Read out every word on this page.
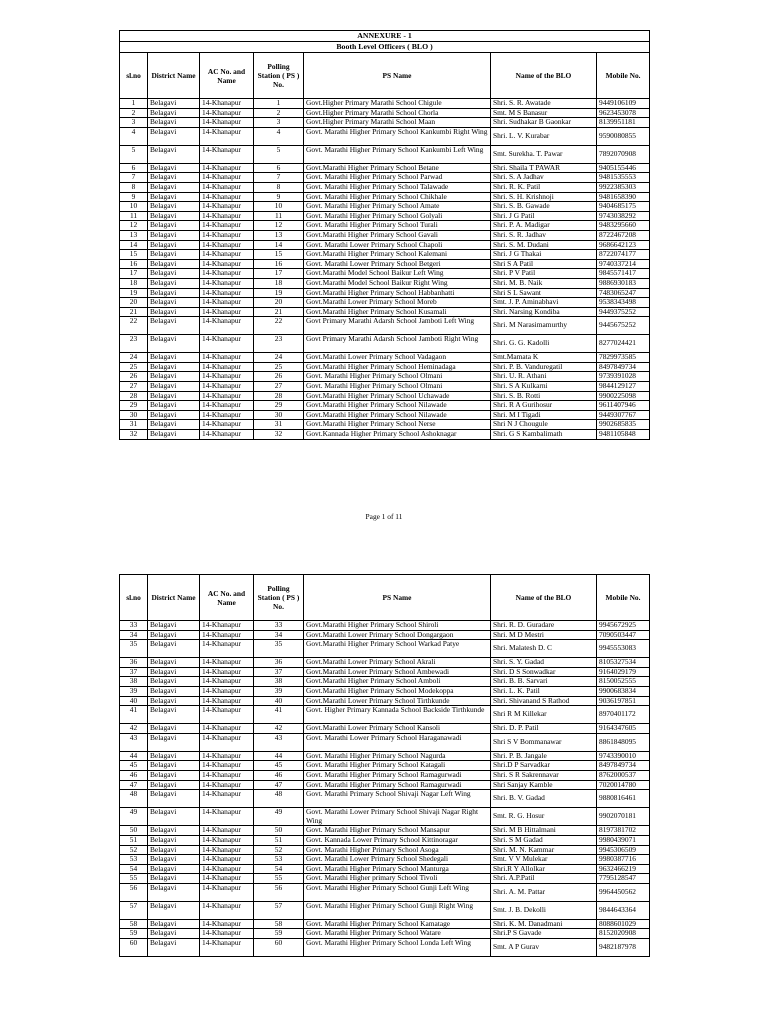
ANNEXURE - 1						
Booth Level Officers ( BLO )						
sl.no	District Name	AC No. and Name	Polling Station ( PS ) No.	PS Name	Name of the BLO	Mobile No.
1	Belagavi	14-Khanapur	1	Govt.Higher Primary Marathi School Chigule	Shri. S. R. Awatade	9449106109
2	Belagavi	14-Khanapur	2	Govt.Higher Primary Marathi School Chorla	Smt. M S Banasur	9623453078
3	Belagavi	14-Khanapur	3	Govt.Higher Primary Marathi School Maan	Shri. Sudhakar B Gaonkar	8139951181
4	Belagavi	14-Khanapur	4	Govt. Marathi Higher Primary School Kankumbi Right Wing	Shri. L. V. Kurabar	9590080855
5	Belagavi	14-Khanapur	5	Govt. Marathi Higher Primary School Kankumbi Left Wing	Smt. Surekha. T. Pawar	7892070908
6	Belagavi	14-Khanapur	6	Govt.Marathi Higher Primary School Betane	Shri. Shaila T PAWAR	9405155446
7	Belagavi	14-Khanapur	7	Govt. Marathi Higher Primary School Parwad	Shri. S. A Jadhav	9481535553
8	Belagavi	14-Khanapur	8	Govt. Marathi Higher Primary School Talawade	Shri. R. K. Patil	9922385303
9	Belagavi	14-Khanapur	9	Govt. Marathi Higher Primary School Chikhale	Shri. S. H. Krishnoji	9481658390
10	Belagavi	14-Khanapur	10	Govt. Marathi Higher Primary School Amate	Shri. S. B. Gawade	9404685175
11	Belagavi	14-Khanapur	11	Govt. Marathi Higher Primary School Golyali	Shri. J G Patil	9743038292
12	Belagavi	14-Khanapur	12	Govt. Marathi Higher Primary School Turali	Shri. P. A. Madigar	9483295660
13	Belagavi	14-Khanapur	13	Govt.Marathi Higher Primary School Gavali	Shri. S. R. Jadhav	8722467208
14	Belagavi	14-Khanapur	14	Govt. Marathi Lower Primary School Chapoli	Shri. S. M. Dudani	9686642123
15	Belagavi	14-Khanapur	15	Govt.Marathi Higher Primary School Kalemani	Shri. J G Thakai	8722074177
16	Belagavi	14-Khanapur	16	Govt. Marathi Lower Primary School Betgeri	Shri S A Patil	9740337214
17	Belagavi	14-Khanapur	17	Govt.Marathi Model School Baikur Left Wing	Shri. P V Patil	9845571417
18	Belagavi	14-Khanapur	18	Govt.Marathi Model School Baikur Right Wing	Shri. M. B. Naik	9886930183
19	Belagavi	14-Khanapur	19	Govt.Marathi Higher Primary School Habbanhatti	Shri S L Sawant	7483065247
20	Belagavi	14-Khanapur	20	Govt.Marathi Lower Primary School Moreb	Smt. J. P. Aminabhavi	9538343498
21	Belagavi	14-Khanapur	21	Govt.Marathi Higher Primary School Kusamali	Shri. Narsing Kondiba	9449375252
22	Belagavi	14-Khanapur	22	Govt Primary Marathi Adarsh School Jamboti Left Wing	Shri. M Narasimamurthy	9445675252
23	Belagavi	14-Khanapur	23	Govt Primary Marathi Adarsh School Jamboti Right Wing	Shri. G. G. Kadolli	8277024421
24	Belagavi	14-Khanapur	24	Govt.Marathi Lower Primary School Vadagaon	Smt.Mamata K	7829973585
25	Belagavi	14-Khanapur	25	Govt.Marathi Higher Primary School Heminadaga	Shri. P. B. Vanduregatil	8497849734
26	Belagavi	14-Khanapur	26	Govt. Marathi Higher Primary School Olmani	Shri. U. R. Athani	9739391028
27	Belagavi	14-Khanapur	27	Govt. Marathi Higher Primary School Olmani	Shri. S A Kulkarni	9844129127
28	Belagavi	14-Khanapur	28	Govt.Marathi Higher Primary School Uchawade	Shri. S. B. Rotti	9900225098
29	Belagavi	14-Khanapur	29	Govt.Marathi Higher Primary School Nilawade	Shri. R A Gurihosur	9611407946
30	Belagavi	14-Khanapur	30	Govt.Marathi Higher Primary School Nilawade	Shri. M I Tigadi	9449307767
31	Belagavi	14-Khanapur	31	Govt.Marathi Higher Primary School Nerse	Shri N J Chougule	9902685835
32	Belagavi	14-Khanapur	32	Govt.Kannada Higher Primary School Ashoknagar	Shri. G S Kambalimath	9481105848
Page 1 of 11
sl.no	District Name	AC No. and Name	Polling Station ( PS ) No.	PS Name	Name of the BLO	Mobile No.
33	Belagavi	14-Khanapur	33	Govt.Marathi Higher Primary School Shiroli	Shri. R. D. Guradare	9945672925
34	Belagavi	14-Khanapur	34	Govt.Marathi Lower Primary School Dongargaon	Shri. M D Mestri	7090503447
35	Belagavi	14-Khanapur	35	Govt.Marathi Higher Primary School Warkad Patye	Shri. Malatesh D. C	9945553083
36	Belagavi	14-Khanapur	36	Govt.Marathi Lower Primary School Akrali	Shri. S. Y. Gadad	8105327534
37	Belagavi	14-Khanapur	37	Govt.Marathi Lower Primary School Ambewadi	Shri. D S Sonwadkar	9164029179
38	Belagavi	14-Khanapur	38	Govt.Marathi Higher Primary School Amboli	Shri. B. B. Sarvari	8150052555
39	Belagavi	14-Khanapur	39	Govt.Marathi Higher Primary School Modekoppa	Shri. L. K. Patil	9900683834
40	Belagavi	14-Khanapur	40	Govt.Marathi Lower Primary School Tirthkunde	Shri. Shivanand S Rathod	9036197851
41	Belagavi	14-Khanapur	41	Govt. Higher Primary Kannada School Backside Tirthkunde	Shri R M Killekar	8970401172
42	Belagavi	14-Khanapur	42	Govt.Marathi Lower Primary School Kansoli	Shri. D. P. Patil	9164347605
43	Belagavi	14-Khanapur	43	Govt. Marathi Lower Primary School Haraganawadi	Shri S V Bommanawar	8861848095
44	Belagavi	14-Khanapur	44	Govt. Marathi Higher Primary School Nagurda	Shri. P. B. Jangale	9743390010
45	Belagavi	14-Khanapur	45	Govt. Marathi Higher Primary School Katagali	Shri.D P Sarvadkar	8497849734
46	Belagavi	14-Khanapur	46	Govt. Marathi Higher Primary School Ramagurwadi	Shri. S R Sakrennavar	8762000537
47	Belagavi	14-Khanapur	47	Govt. Marathi Higher Primary School Ramagurwadi	Shri Sanjay Kamble	7020014780
48	Belagavi	14-Khanapur	48	Govt. Marathi Primary School Shivaji Nagar Left Wing	Shri. B. V. Gadad	9880816461
49	Belagavi	14-Khanapur	49	Govt. Marathi Lower Primary School Shivaji Nagar Right Wing	Smt. R. G. Hosur	9902070181
50	Belagavi	14-Khanapur	50	Govt. Marathi Higher Primary School Mansapur	Shri. M B Hittalmani	8197381702
51	Belagavi	14-Khanapur	51	Govt. Kannada Lower Primary School Kittinoragar	Shri. S M Gadad	9980439071
52	Belagavi	14-Khanapur	52	Govt. Marathi Higher Primary School Asoga	Shri. M. N. Kammar	9945306509
53	Belagavi	14-Khanapur	53	Govt. Marathi Lower Primary School Shedegali	Smt. V V Mulekar	9980387716
54	Belagavi	14-Khanapur	54	Govt. Marathi Higher Primary School Manturga	Shri.R Y Allolkar	9632466219
55	Belagavi	14-Khanapur	55	Govt. Marathi Higher primary School Tivoli	Shri. A.P.Patil	7795128547
56	Belagavi	14-Khanapur	56	Govt. Marathi Higher Primary School Gunji Left Wing	Shri. A. M. Pattar	9964450562
57	Belagavi	14-Khanapur	57	Govt. Marathi Higher Primary School Gunji Right Wing	Smt. J. B. Dekolli	9844643364
58	Belagavi	14-Khanapur	58	Govt. Marathi Higher Primary School Kamatage	Shri. K. M. Danadmani	8088601029
59	Belagavi	14-Khanapur	59	Govt. Marathi Higher Primary School Watare	Shri.P S Gavade	8152020908
60	Belagavi	14-Khanapur	60	Govt. Marathi Higher Primary School Londa Left Wing	Smt. A P Gurav	9482187978
